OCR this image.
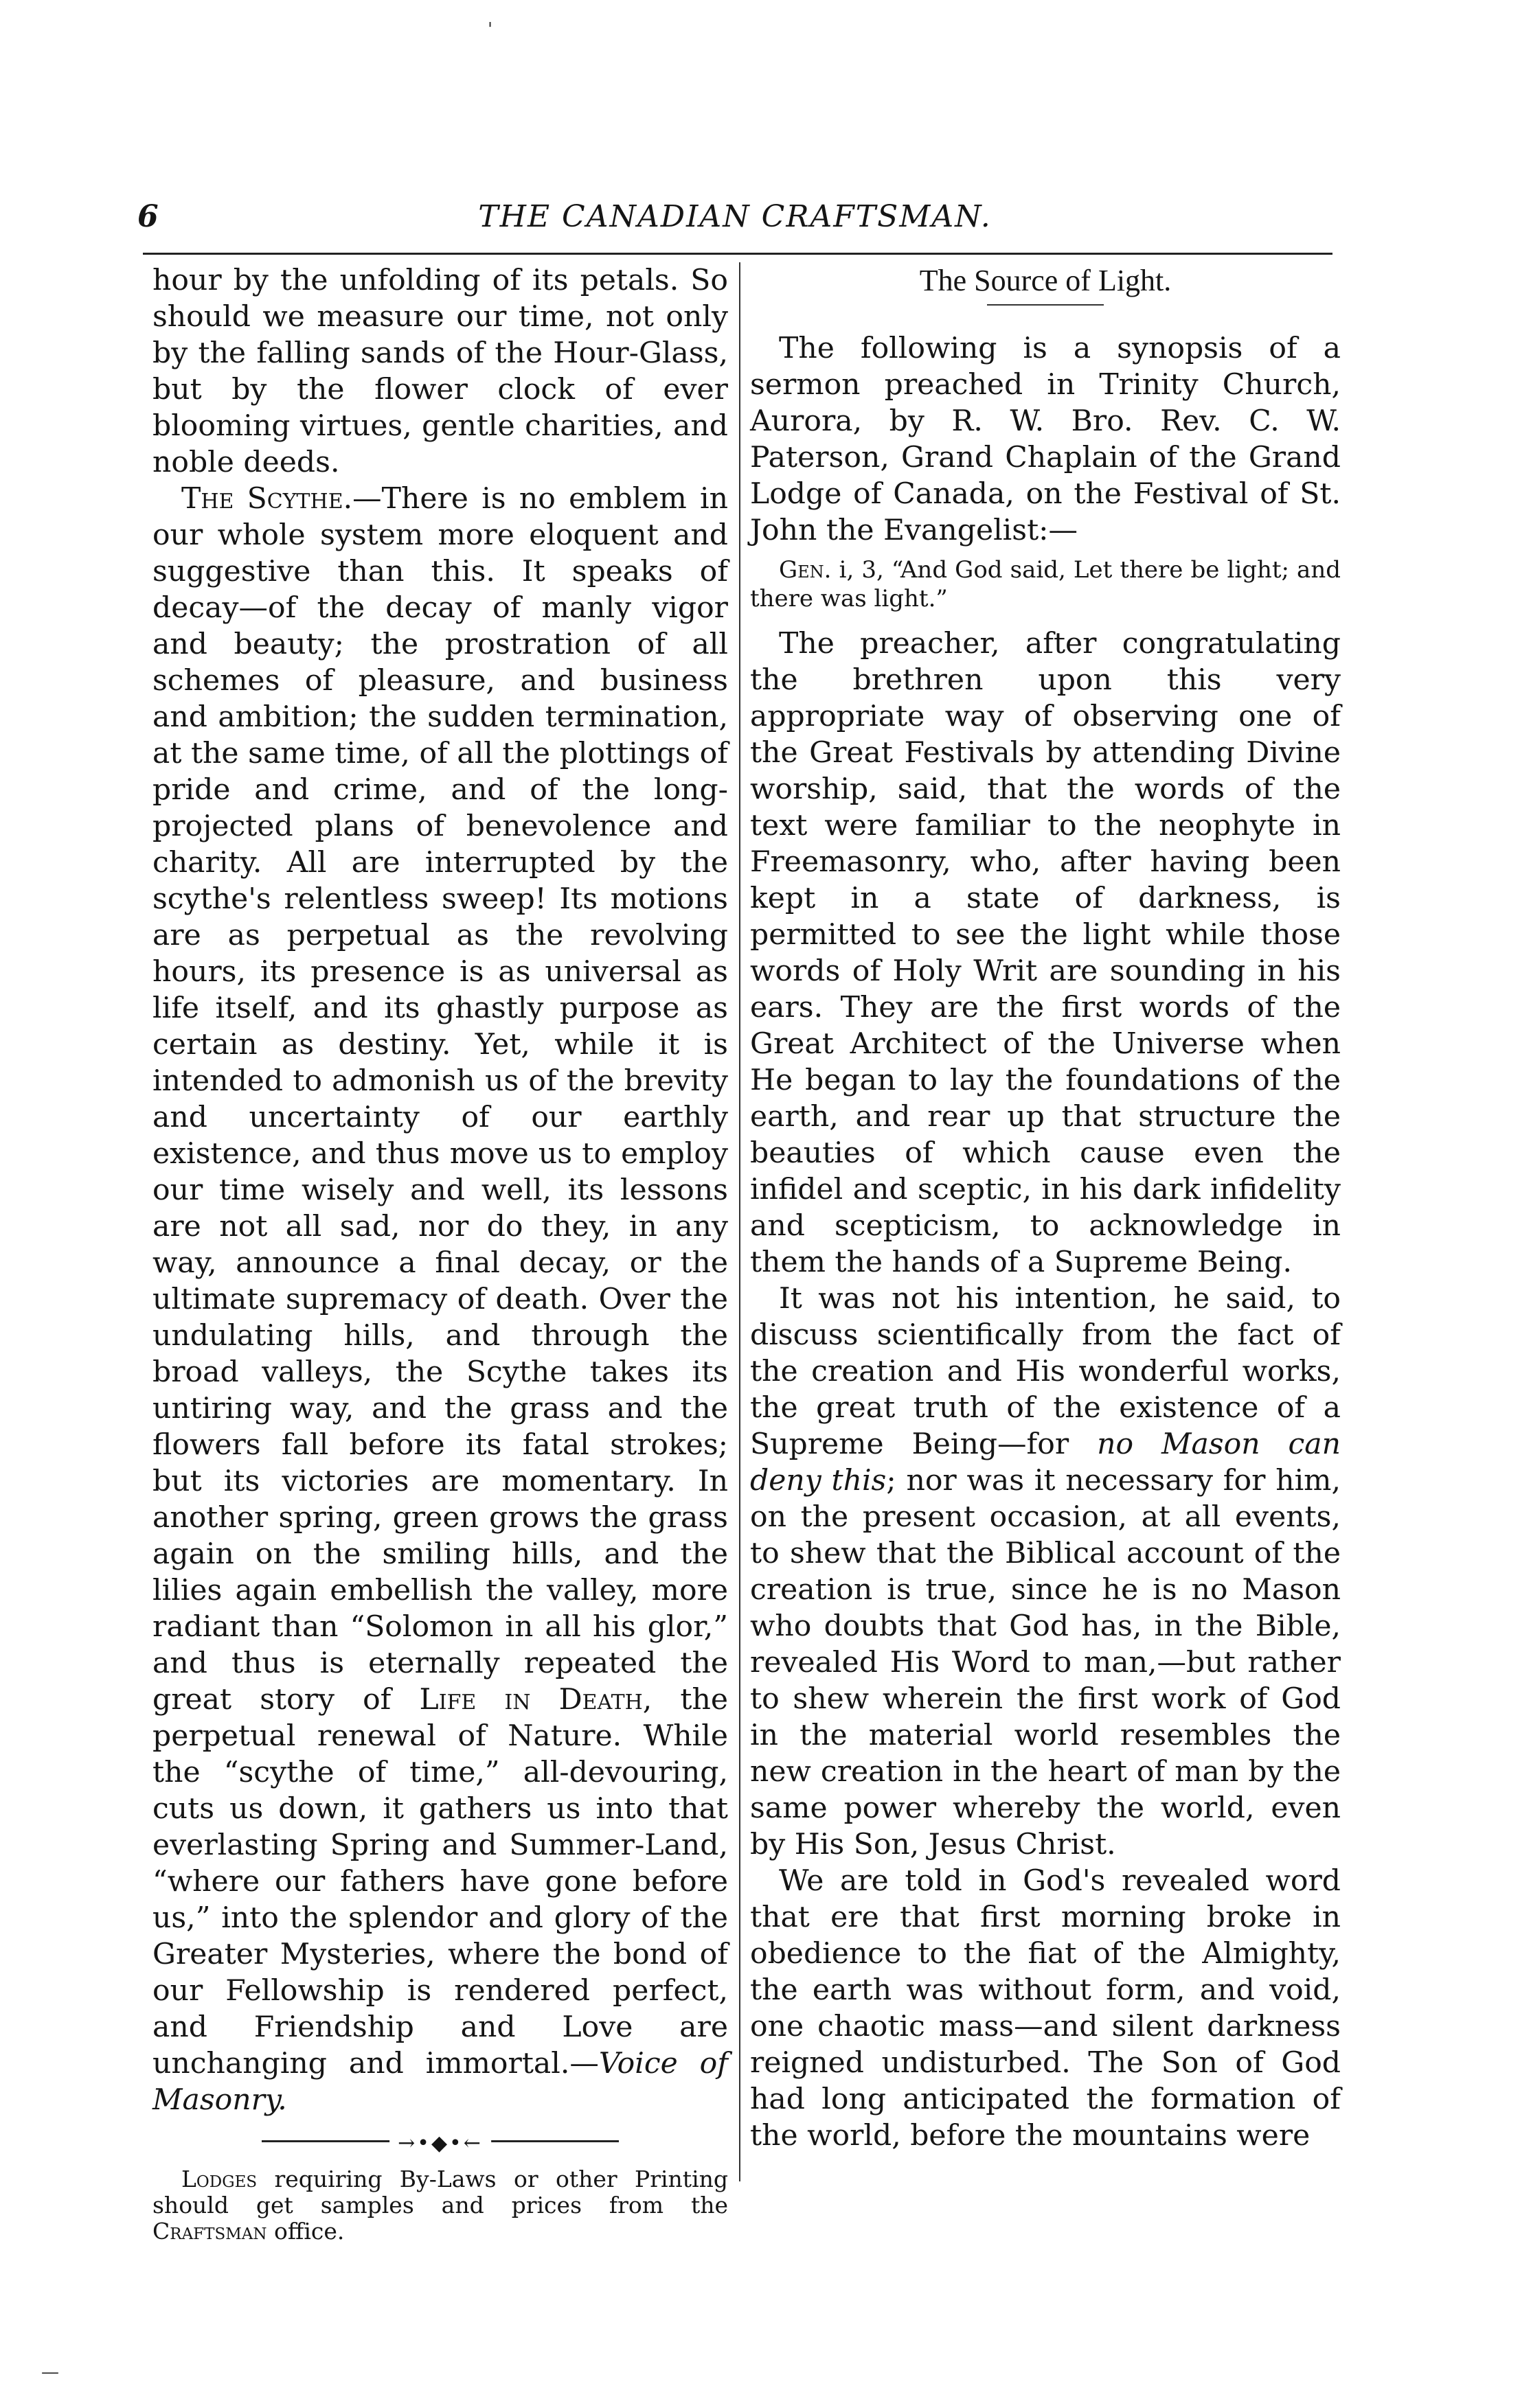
'
6	THE CANADIAN CRAFTSMAN.

hour by the unfolding of its petals. So should we measure our time, not only by the falling sands of the Hour-Glass, but by the flower clock of ever blooming virtues, gentle charities, and noble deeds.

The Scythe.—There is no emblem in our whole system more eloquent and suggestive than this. It speaks of decay—of the decay of manly vigor and beauty; the prostration of all schemes of pleasure, and business and ambition; the sudden termination, at the same time, of all the plottings of pride and crime, and of the long-projected plans of benevolence and charity. All are interrupted by the scythe's relentless sweep! Its motions are as perpetual as the revolving hours, its presence is as universal as life itself, and its ghastly purpose as certain as destiny. Yet, while it is intended to admonish us of the brevity and uncertainty of our earthly existence, and thus move us to employ our time wisely and well, its lessons are not all sad, nor do they, in any way, announce a final decay, or the ultimate supremacy of death. Over the undulating hills, and through the broad valleys, the Scythe takes its untiring way, and the grass and the flowers fall before its fatal strokes; but its victories are momentary. In another spring, green grows the grass again on the smiling hills, and the lilies again embellish the valley, more radiant than “Solomon in all his glor,” and thus is eternally repeated the great story of Life in Death, the perpetual renewal of Nature. While the “scythe of time,” all-devouring, cuts us down, it gathers us into that everlasting Spring and Summer-Land, “where our fathers have gone before us,” into the splendor and glory of the Greater Mysteries, where the bond of our Fellowship is rendered perfect, and Friendship and Love are unchanging and immortal.—Voice of Masonry.

→•◆•←

Lodges requiring By-Laws or other Printing should get samples and prices from the Craftsman office.

The Source of Light.

The following is a synopsis of a sermon preached in Trinity Church, Aurora, by R. W. Bro. Rev. C. W. Paterson, Grand Chaplain of the Grand Lodge of Canada, on the Festival of St. John the Evangelist:—

Gen. i, 3, “And God said, Let there be light; and there was light.”

The preacher, after congratulating the brethren upon this very appropriate way of observing one of the Great Festivals by attending Divine worship, said, that the words of the text were familiar to the neophyte in Freemasonry, who, after having been kept in a state of darkness, is permitted to see the light while those words of Holy Writ are sounding in his ears. They are the first words of the Great Architect of the Universe when He began to lay the foundations of the earth, and rear up that structure the beauties of which cause even the infidel and sceptic, in his dark infidelity and scepticism, to acknowledge in them the hands of a Supreme Being.

It was not his intention, he said, to discuss scientifically from the fact of the creation and His wonderful works, the great truth of the existence of a Supreme Being—for no Mason can deny this; nor was it necessary for him, on the present occasion, at all events, to shew that the Biblical account of the creation is true, since he is no Mason who doubts that God has, in the Bible, revealed His Word to man,—but rather to shew wherein the first work of God in the material world resembles the new creation in the heart of man by the same power whereby the world, even by His Son, Jesus Christ.

We are told in God's revealed word that ere that first morning broke in obedience to the fiat of the Almighty, the earth was without form, and void, one chaotic mass—and silent darkness reigned undisturbed. The Son of God had long anticipated the formation of the world, before the mountains were

—
